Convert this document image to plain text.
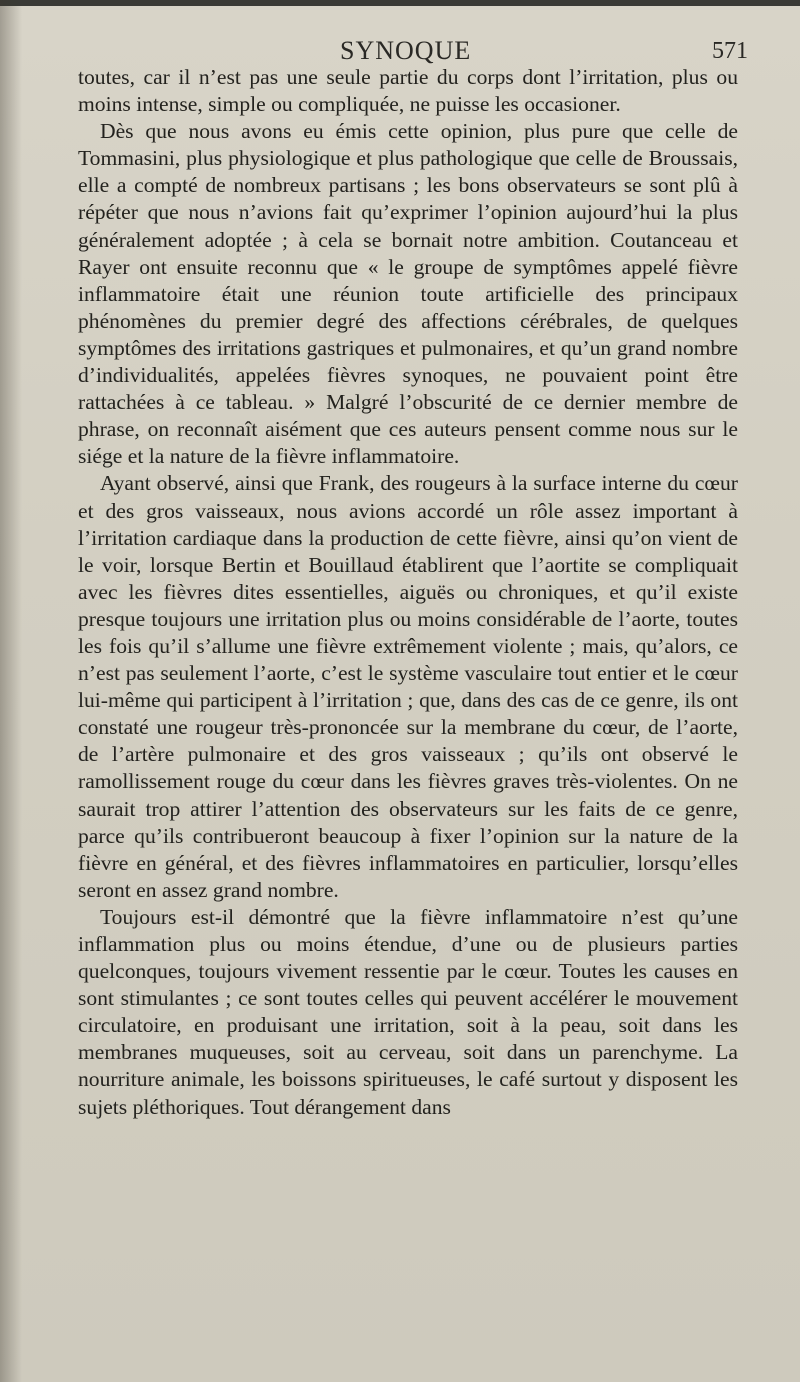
SYNOQUE	571

toutes, car il n’est pas une seule partie du corps dont l’irritation, plus ou moins intense, simple ou compliquée, ne puisse les occasioner.

Dès que nous avons eu émis cette opinion, plus pure que celle de Tommasini, plus physiologique et plus pathologique que celle de Broussais, elle a compté de nombreux partisans ; les bons observateurs se sont plû à répéter que nous n’avions fait qu’exprimer l’opinion aujourd’hui la plus généralement adoptée ; à cela se bornait notre ambition. Coutanceau et Rayer ont ensuite reconnu que « le groupe de symptômes appelé fièvre inflammatoire était une réunion toute artificielle des principaux phénomènes du premier degré des affections cérébrales, de quelques symptômes des irritations gastriques et pulmonaires, et qu’un grand nombre d’individualités, appelées fièvres synoques, ne pouvaient point être rattachées à ce tableau. » Malgré l’obscurité de ce dernier membre de phrase, on reconnaît aisément que ces auteurs pensent comme nous sur le siége et la nature de la fièvre inflammatoire.

Ayant observé, ainsi que Frank, des rougeurs à la surface interne du cœur et des gros vaisseaux, nous avions accordé un rôle assez important à l’irritation cardiaque dans la production de cette fièvre, ainsi qu’on vient de le voir, lorsque Bertin et Bouillaud établirent que l’aortite se compliquait avec les fièvres dites essentielles, aiguës ou chroniques, et qu’il existe presque toujours une irritation plus ou moins considérable de l’aorte, toutes les fois qu’il s’allume une fièvre extrêmement violente ; mais, qu’alors, ce n’est pas seulement l’aorte, c’est le système vasculaire tout entier et le cœur lui-même qui participent à l’irritation ; que, dans des cas de ce genre, ils ont constaté une rougeur très-prononcée sur la membrane du cœur, de l’aorte, de l’artère pulmonaire et des gros vaisseaux ; qu’ils ont observé le ramollissement rouge du cœur dans les fièvres graves très-violentes. On ne saurait trop attirer l’attention des observateurs sur les faits de ce genre, parce qu’ils contribueront beaucoup à fixer l’opinion sur la nature de la fièvre en général, et des fièvres inflammatoires en particulier, lorsqu’elles seront en assez grand nombre.

Toujours est-il démontré que la fièvre inflammatoire n’est qu’une inflammation plus ou moins étendue, d’une ou de plusieurs parties quelconques, toujours vivement ressentie par le cœur. Toutes les causes en sont stimulantes ; ce sont toutes celles qui peuvent accélérer le mouvement circulatoire, en produisant une irritation, soit à la peau, soit dans les membranes muqueuses, soit au cerveau, soit dans un parenchyme. La nourriture animale, les boissons spiritueuses, le café surtout y disposent les sujets pléthoriques. Tout dérangement dans
